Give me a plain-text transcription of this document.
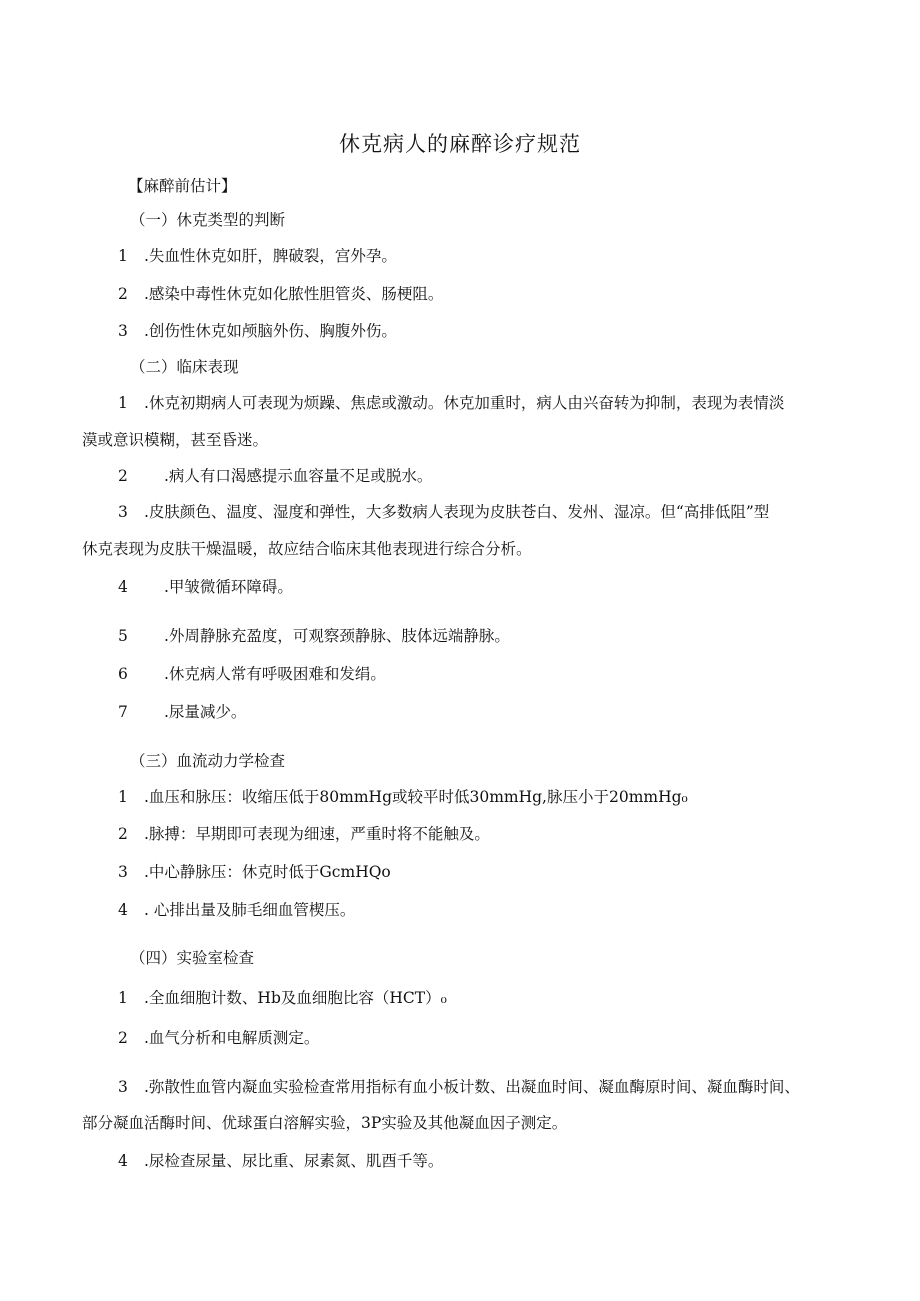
休克病人的麻醉诊疗规范

【麻醉前估计】

（一）休克类型的判断

1 .失血性休克如肝，脾破裂，宫外孕。

2 .感染中毒性休克如化脓性胆管炎、肠梗阻。

3 .创伤性休克如颅脑外伤、胸腹外伤。

（二）临床表现

1 .休克初期病人可表现为烦躁、焦虑或激动。休克加重时，病人由兴奋转为抑制，表现为表情淡

漠或意识模糊，甚至昏迷。

2 .病人有口渴感提示血容量不足或脱水。

3 .皮肤颜色、温度、湿度和弹性，大多数病人表现为皮肤苍白、发州、湿凉。但“高排低阻”型

休克表现为皮肤干燥温暖，故应结合临床其他表现进行综合分析。

4 .甲皱微循环障碍。

5 .外周静脉充盈度，可观察颈静脉、肢体远端静脉。

6 .休克病人常有呼吸困难和发绢。

7 .尿量减少。

（三）血流动力学检查

1 .血压和脉压：收缩压低于80mmHg或较平时低30mmHg,脉压小于20mmHg₀

2 .脉搏：早期即可表现为细速，严重时将不能触及。

3 .中心静脉压：休克时低于GcmHQo

4 . 心排出量及肺毛细血管楔压。

（四）实验室检查

1 .全血细胞计数、Hb及血细胞比容（HCT）₀

2 .血气分析和电解质测定。

3 .弥散性血管内凝血实验检查常用指标有血小板计数、出凝血时间、凝血酶原时间、凝血酶时间、

部分凝血活酶时间、优球蛋白溶解实验，3P实验及其他凝血因子测定。

4 .尿检查尿量、尿比重、尿素氮、肌酉千等。
